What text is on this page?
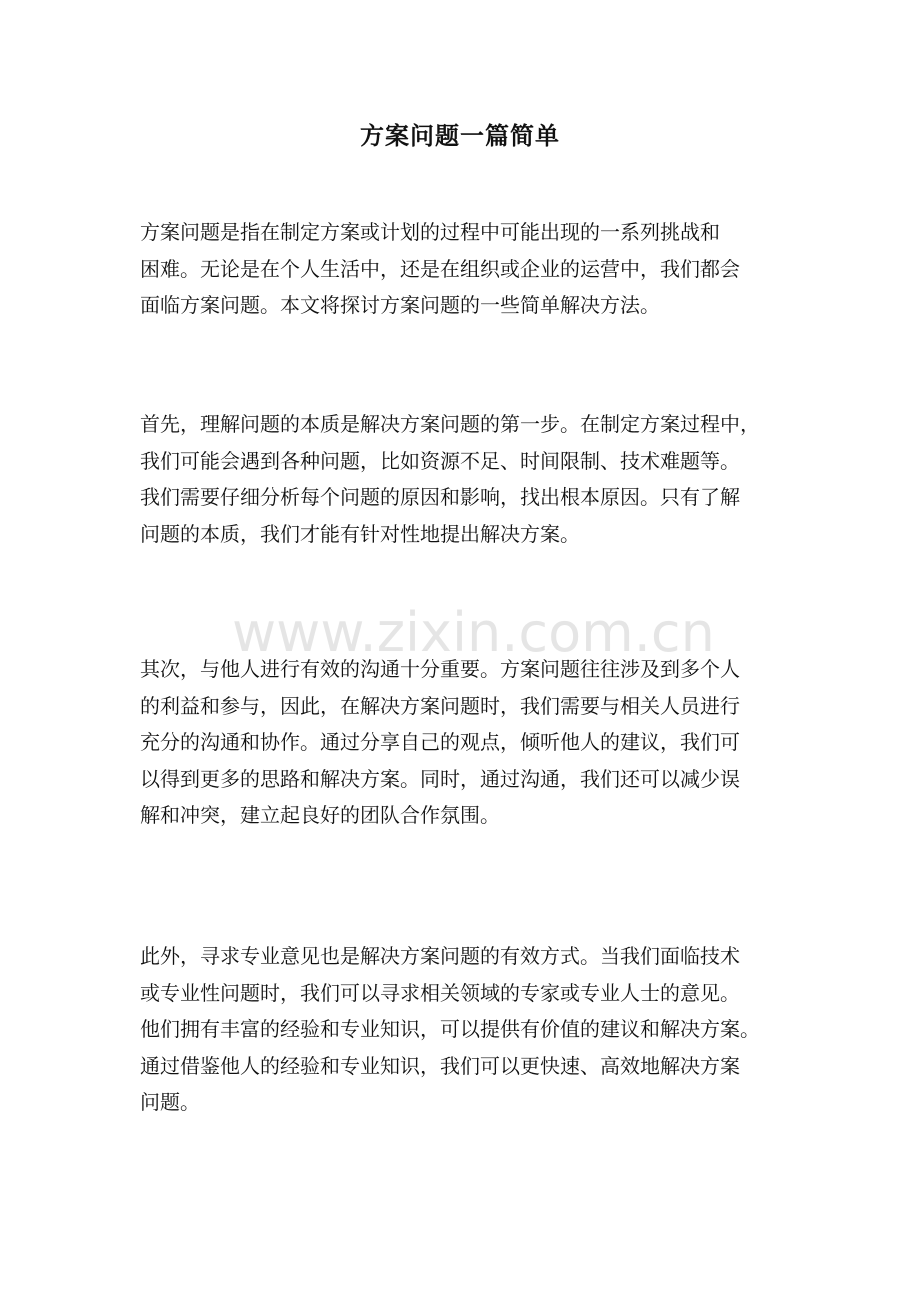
方案问题一篇简单
方案问题是指在制定方案或计划的过程中可能出现的一系列挑战和
困难。无论是在个人生活中，还是在组织或企业的运营中，我们都会
面临方案问题。本文将探讨方案问题的一些简单解决方法。
首先，理解问题的本质是解决方案问题的第一步。在制定方案过程中，
我们可能会遇到各种问题，比如资源不足、时间限制、技术难题等。
我们需要仔细分析每个问题的原因和影响，找出根本原因。只有了解
问题的本质，我们才能有针对性地提出解决方案。
www.zixin.com.cn
其次，与他人进行有效的沟通十分重要。方案问题往往涉及到多个人
的利益和参与，因此，在解决方案问题时，我们需要与相关人员进行
充分的沟通和协作。通过分享自己的观点，倾听他人的建议，我们可
以得到更多的思路和解决方案。同时，通过沟通，我们还可以减少误
解和冲突，建立起良好的团队合作氛围。
此外，寻求专业意见也是解决方案问题的有效方式。当我们面临技术
或专业性问题时，我们可以寻求相关领域的专家或专业人士的意见。
他们拥有丰富的经验和专业知识，可以提供有价值的建议和解决方案。
通过借鉴他人的经验和专业知识，我们可以更快速、高效地解决方案
问题。
